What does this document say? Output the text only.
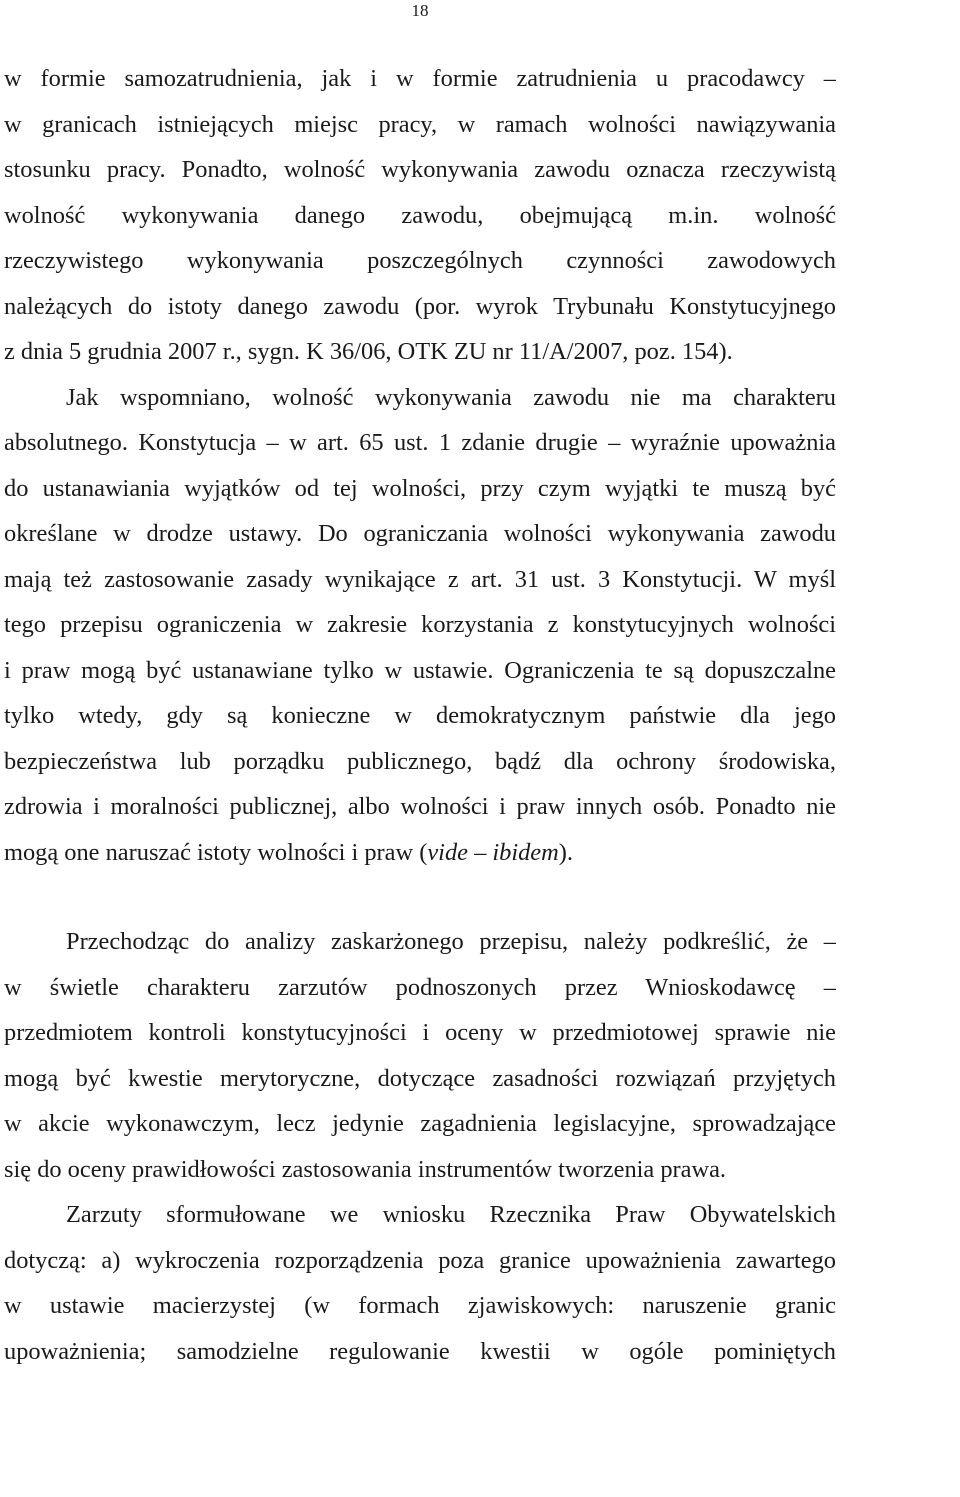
18
w formie samozatrudnienia, jak i w formie zatrudnienia u pracodawcy –
w granicach istniejących miejsc pracy, w ramach wolności nawiązywania
stosunku pracy. Ponadto, wolność wykonywania zawodu oznacza rzeczywistą
wolność wykonywania danego zawodu, obejmującą m.in. wolność
rzeczywistego wykonywania poszczególnych czynności zawodowych
należących do istoty danego zawodu (por. wyrok Trybunału Konstytucyjnego
z dnia 5 grudnia 2007 r., sygn. K 36/06, OTK ZU nr 11/A/2007, poz. 154).
Jak wspomniano, wolność wykonywania zawodu nie ma charakteru
absolutnego. Konstytucja – w art. 65 ust. 1 zdanie drugie – wyraźnie upoważnia
do ustanawiania wyjątków od tej wolności, przy czym wyjątki te muszą być
określane w drodze ustawy. Do ograniczania wolności wykonywania zawodu
mają też zastosowanie zasady wynikające z art. 31 ust. 3 Konstytucji. W myśl
tego przepisu ograniczenia w zakresie korzystania z konstytucyjnych wolności
i praw mogą być ustanawiane tylko w ustawie. Ograniczenia te są dopuszczalne
tylko wtedy, gdy są konieczne w demokratycznym państwie dla jego
bezpieczeństwa lub porządku publicznego, bądź dla ochrony środowiska,
zdrowia i moralności publicznej, albo wolności i praw innych osób. Ponadto nie
mogą one naruszać istoty wolności i praw (vide – ibidem).
Przechodząc do analizy zaskarżonego przepisu, należy podkreślić, że –
w świetle charakteru zarzutów podnoszonych przez Wnioskodawcę –
przedmiotem kontroli konstytucyjności i oceny w przedmiotowej sprawie nie
mogą być kwestie merytoryczne, dotyczące zasadności rozwiązań przyjętych
w akcie wykonawczym, lecz jedynie zagadnienia legislacyjne, sprowadzające
się do oceny prawidłowości zastosowania instrumentów tworzenia prawa.
Zarzuty sformułowane we wniosku Rzecznika Praw Obywatelskich
dotyczą: a) wykroczenia rozporządzenia poza granice upoważnienia zawartego
w ustawie macierzystej (w formach zjawiskowych: naruszenie granic
upoważnienia; samodzielne regulowanie kwestii w ogóle pominiętych
